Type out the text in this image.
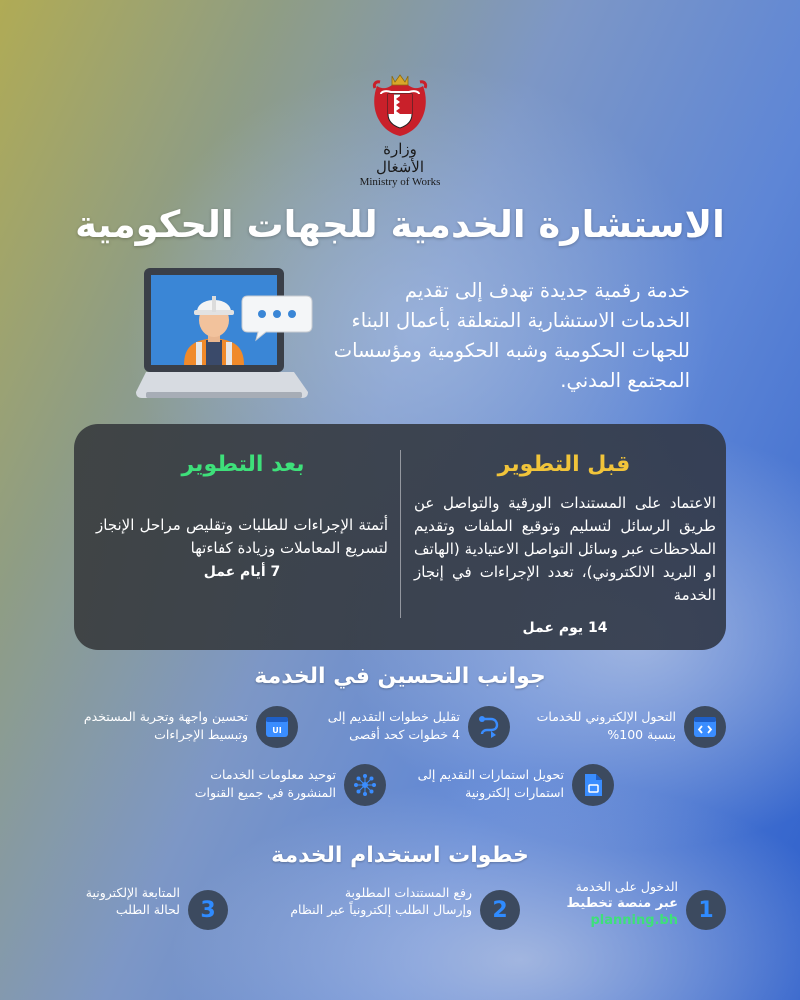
وزارة الأشغال
Ministry of Works
الاستشارة الخدمية للجهات الحكومية
خدمة رقمية جديدة تهدف إلى تقديم الخدمات الاستشارية المتعلقة بأعمال البناء للجهات الحكومية وشبه الحكومية ومؤسسات المجتمع المدني.
قبل التطوير
الاعتماد على المستندات الورقية والتواصل عن طريق الرسائل لتسليم وتوقيع الملفات وتقديم الملاحظات عبر وسائل التواصل الاعتيادية (الهاتف او البريد الالكتروني)، تعدد الإجراءات في إنجاز الخدمة
14 يوم عمل
بعد التطوير
أتمتة الإجراءات للطلبات وتقليص مراحل الإنجاز لتسريع المعاملات وزيادة كفاءتها
7 أيام عمل
جوانب التحسين في الخدمة
التحول الإلكتروني للخدمات
بنسبة 100%
تقليل خطوات التقديم إلى
4 خطوات كحد أقصى
UI
تحسين واجهة وتجربة المستخدم
وتبسيط الإجراءات
تحويل استمارات التقديم إلى
استمارات إلكترونية
توحيد معلومات الخدمات
المنشورة في جميع القنوات
خطوات استخدام الخدمة
1
الدخول على الخدمة
عبر منصة تخطيط
planning.bh
2
رفع المستندات المطلوبة
وإرسال الطلب إلكترونياً عبر النظام
3
المتابعة الإلكترونية
لحالة الطلب
